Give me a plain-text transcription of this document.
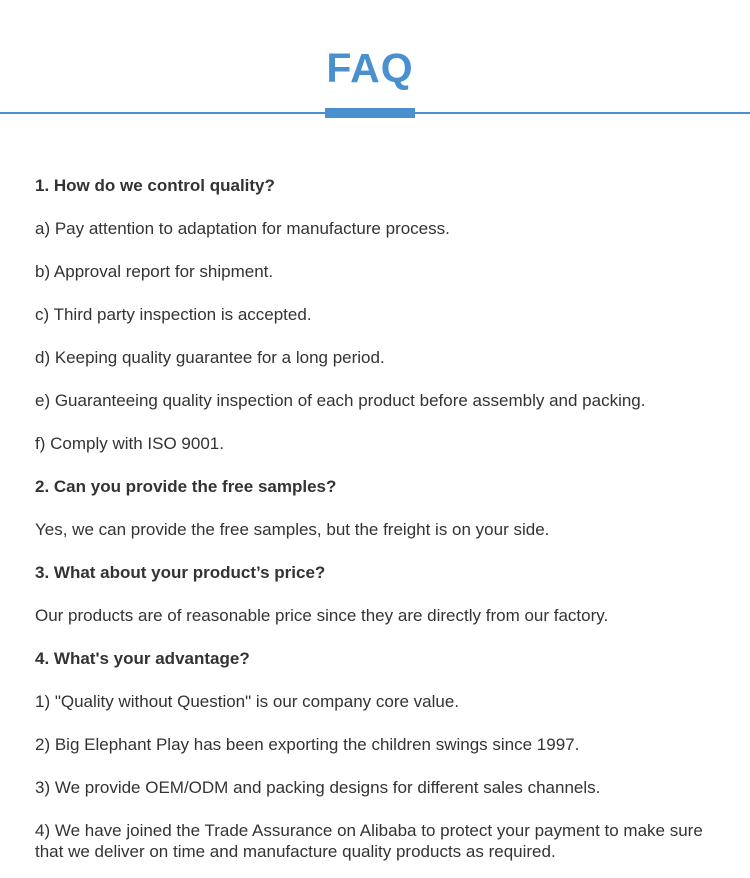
FAQ

1. How do we control quality?

a) Pay attention to adaptation for manufacture process.

b) Approval report for shipment.

c) Third party inspection is accepted.

d) Keeping quality guarantee for a long period.

e) Guaranteeing quality inspection of each product before assembly and packing.

f) Comply with ISO 9001.

2. Can you provide the free samples?

Yes, we can provide the free samples, but the freight is on your side.

3. What about your product’s price?

Our products are of reasonable price since they are directly from our factory.

4. What's your advantage?

1) "Quality without Question" is our company core value.

2) Big Elephant Play has been exporting the children swings since 1997.

3) We provide OEM/ODM and packing designs for different sales channels.

4) We have joined the Trade Assurance on Alibaba to protect your payment to make sure that we deliver on time and manufacture quality products as required.
